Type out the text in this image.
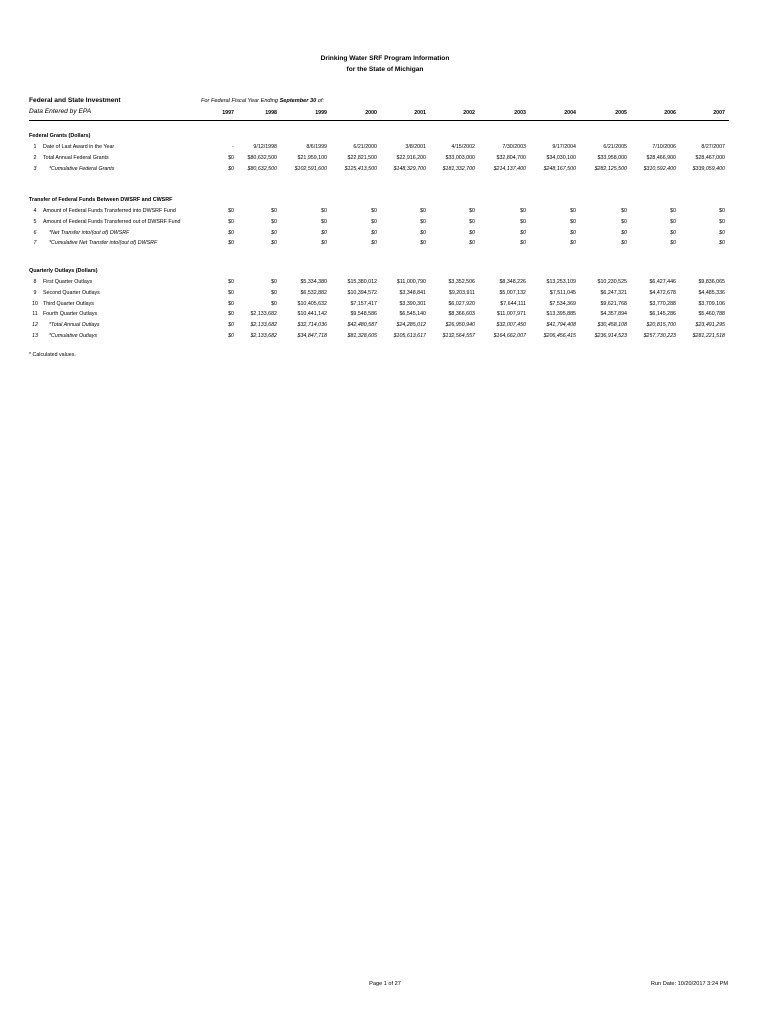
Drinking Water SRF Program Information
for the State of Michigan
Federal and State Investment
Data Entered by EPA
For Federal Fiscal Year Ending September 30 of:
1997	1998	1999	2000	2001	2002	2003	2004	2005	2006	2007
Federal Grants (Dollars)
1	Date of Last Award in the Year	-	9/12/1998	8/6/1999	6/21/2000	3/8/2001	4/15/2002	7/30/2003	9/17/2004	6/21/2005	7/10/2006	8/27/2007
2	Total Annual Federal Grants	$0	$80,632,500	$21,959,100	$22,821,500	$22,916,200	$33,003,000	$32,804,700	$34,030,100	$33,958,000	$28,466,900	$28,467,000
3	*Cumulative Federal Grants	$0	$80,632,500	$102,591,600	$125,413,500	$148,329,700	$181,332,700	$214,137,400	$248,167,500	$282,125,500	$310,592,400	$339,059,400
Transfer of Federal Funds Between DWSRF and CWSRF
4	Amount of Federal Funds Transferred into DWSRF Fund	$0	$0	$0	$0	$0	$0	$0	$0	$0	$0	$0
5	Amount of Federal Funds Transferred out of DWSRF Fund	$0	$0	$0	$0	$0	$0	$0	$0	$0	$0	$0
6	*Net Transfer into/(out of) DWSRF	$0	$0	$0	$0	$0	$0	$0	$0	$0	$0	$0
7	*Cumulative Net Transfer into/(out of) DWSRF	$0	$0	$0	$0	$0	$0	$0	$0	$0	$0	$0
Quarterly Outlays (Dollars)
8	First Quarter Outlays	$0	$0	$5,334,380	$15,380,012	$11,000,790	$3,352,506	$8,348,226	$13,253,109	$10,230,525	$6,427,446	$9,836,065
9	Second Quarter Outlays	$0	$0	$6,532,882	$10,394,572	$3,348,841	$9,203,911	$5,007,132	$7,511,045	$6,247,321	$4,472,678	$4,485,336
10 Third Quarter Outlays	$0	$0	$10,405,632	$7,157,417	$3,390,301	$6,027,920	$7,644,111	$7,534,369	$9,621,768	$3,770,288	$3,709,106
11 Fourth Quarter Outlays	$0	$2,133,682	$10,441,142	$9,548,586	$6,545,140	$8,366,603	$11,007,971	$13,395,885	$4,357,894	$6,145,286	$5,460,788
12	*Total Annual Outlays	$0	$2,133,682	$32,714,036	$42,480,587	$24,285,012	$26,950,940	$32,007,450	$41,794,408	$30,458,108	$20,815,700	$23,491,295
13	*Cumulative Outlays	$0	$2,133,682	$34,847,718	$81,328,605	$105,613,617	$132,564,557	$164,662,007	$206,456,415	$236,914,523	$257,730,223	$281,221,518
* Calculated values.
Page 1 of 27	Run Date: 10/20/2017 3:24 PM
